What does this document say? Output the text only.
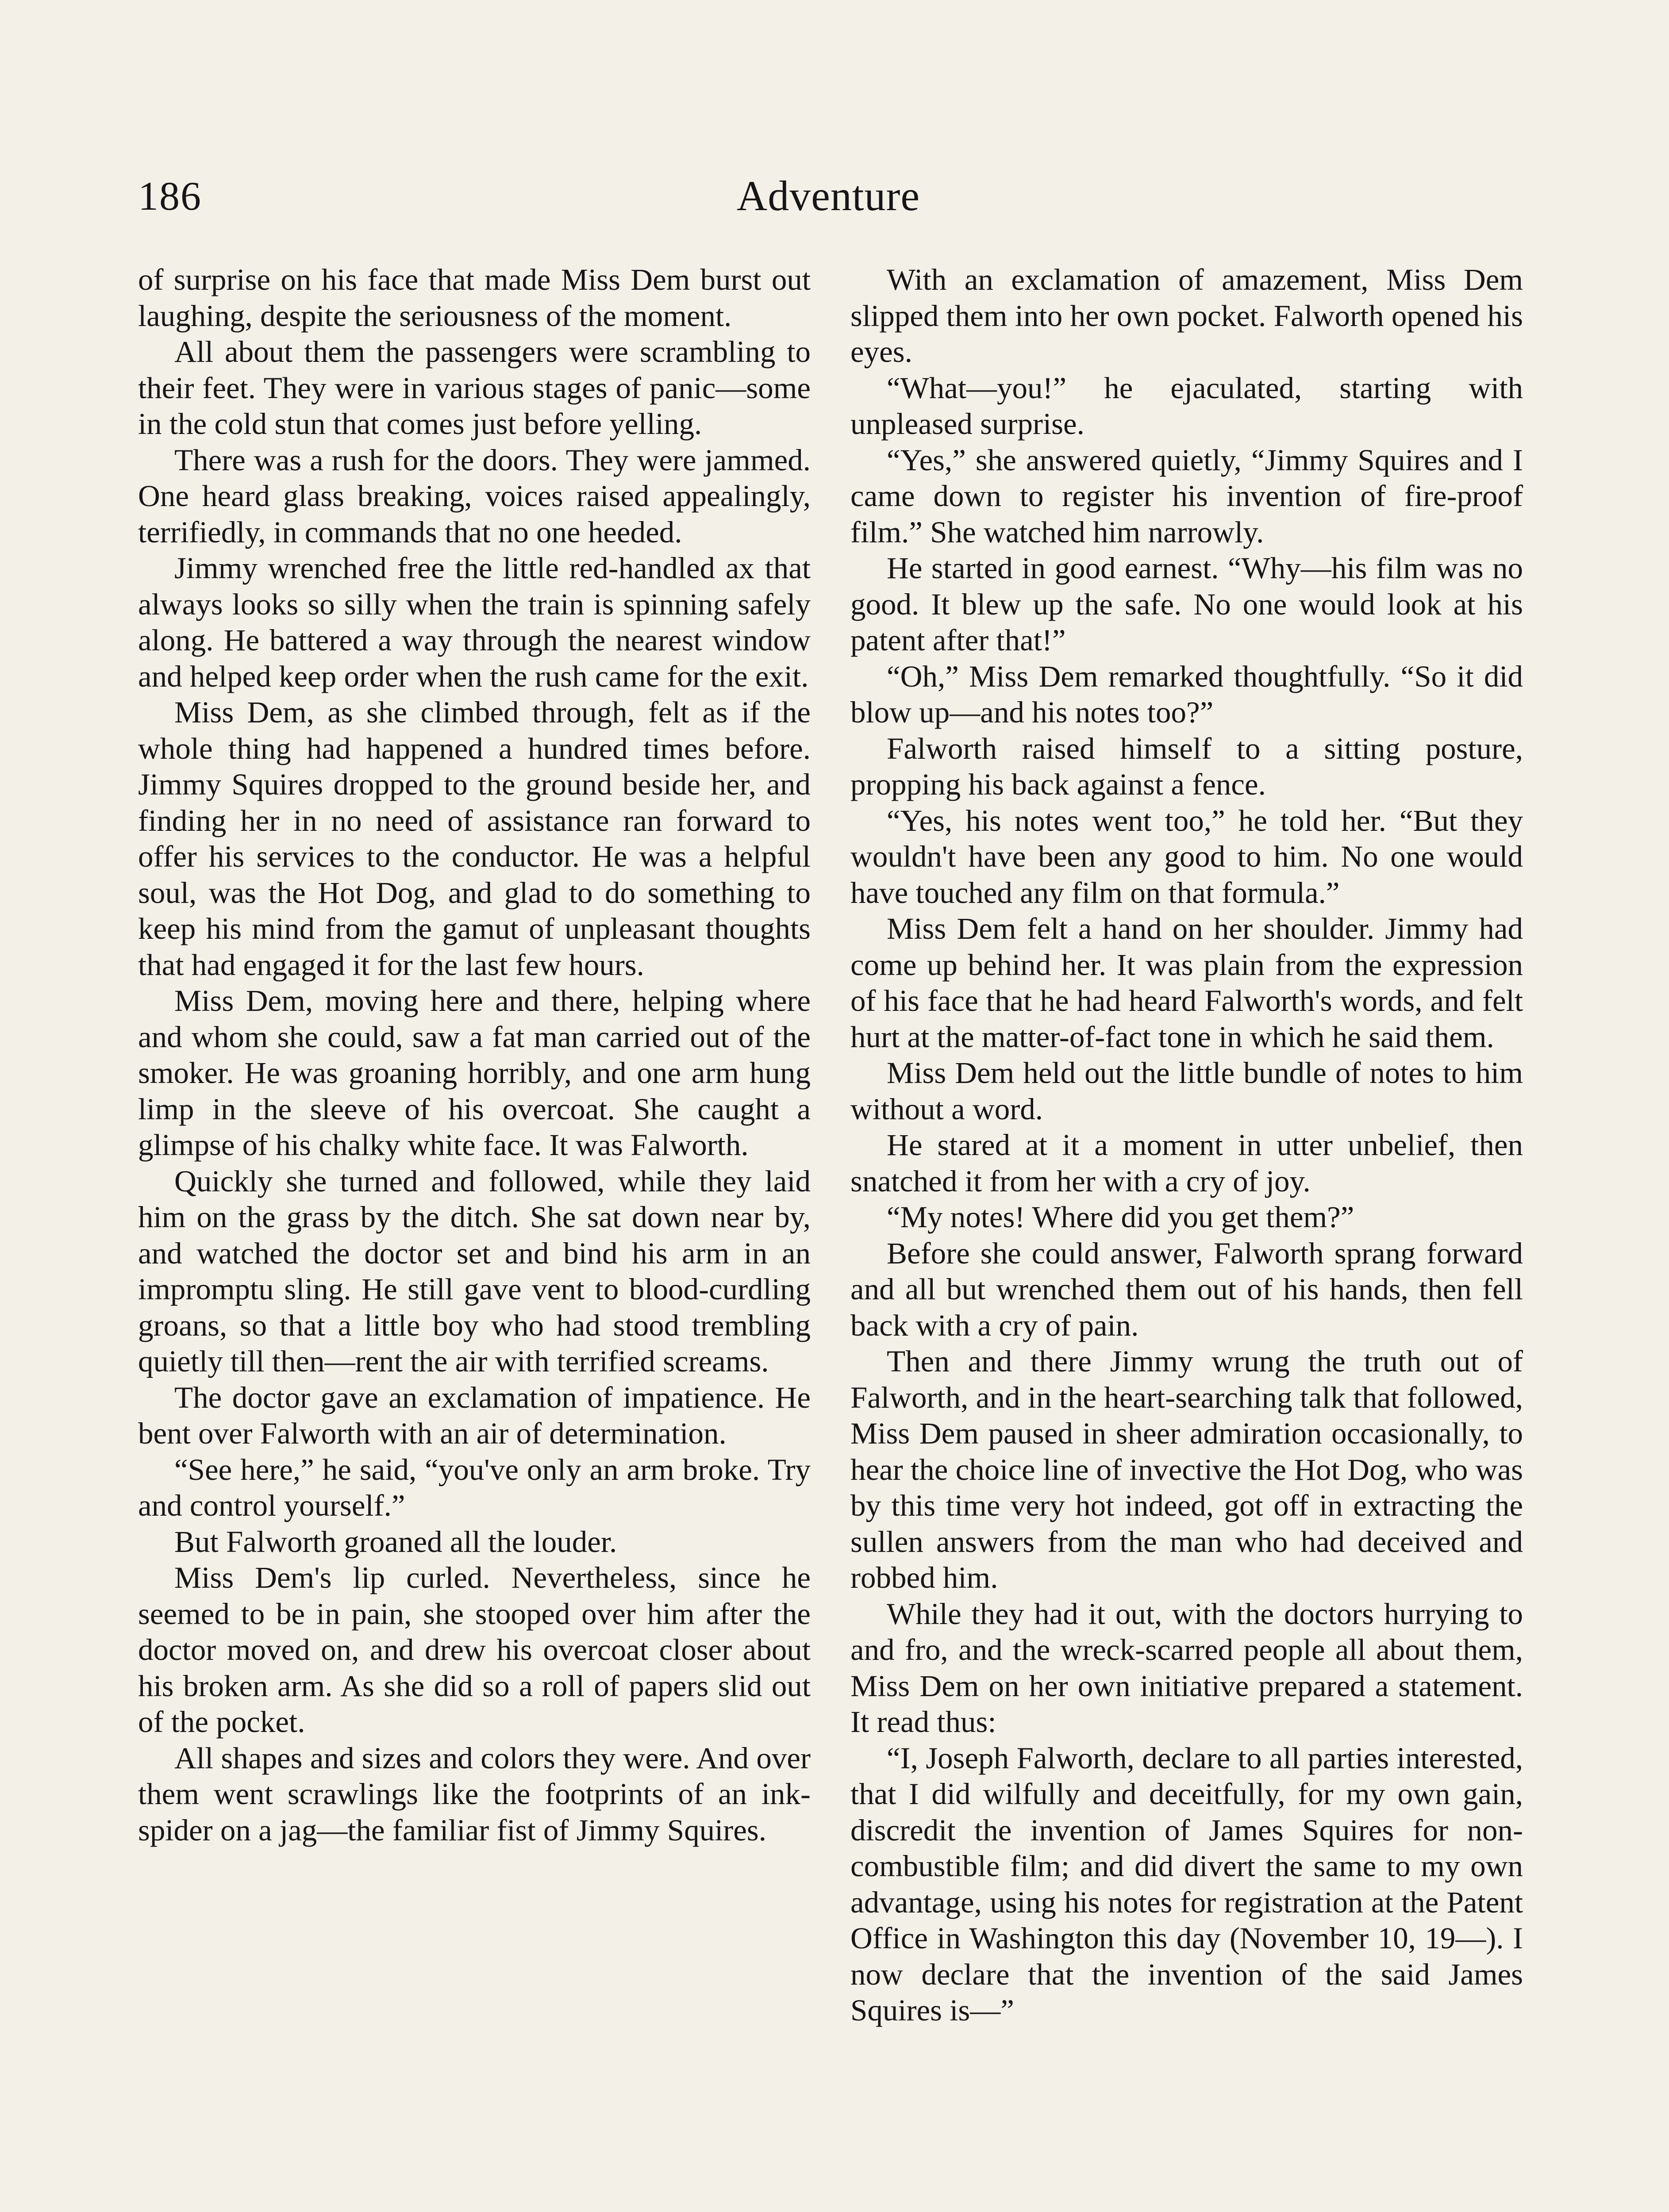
186	Adventure

of surprise on his face that made Miss Dem burst out laughing, despite the seriousness of the moment.

All about them the passengers were scrambling to their feet. They were in various stages of panic—some in the cold stun that comes just before yelling.

There was a rush for the doors. They were jammed. One heard glass breaking, voices raised appealingly, terrifiedly, in commands that no one heeded.

Jimmy wrenched free the little red-handled ax that always looks so silly when the train is spinning safely along. He battered a way through the nearest window and helped keep order when the rush came for the exit.

Miss Dem, as she climbed through, felt as if the whole thing had happened a hundred times before. Jimmy Squires dropped to the ground beside her, and finding her in no need of assistance ran forward to offer his services to the conductor. He was a helpful soul, was the Hot Dog, and glad to do something to keep his mind from the gamut of unpleasant thoughts that had engaged it for the last few hours.

Miss Dem, moving here and there, helping where and whom she could, saw a fat man carried out of the smoker. He was groaning horribly, and one arm hung limp in the sleeve of his overcoat. She caught a glimpse of his chalky white face. It was Falworth.

Quickly she turned and followed, while they laid him on the grass by the ditch. She sat down near by, and watched the doctor set and bind his arm in an impromptu sling. He still gave vent to blood-curdling groans, so that a little boy who had stood trembling quietly till then—rent the air with terrified screams.

The doctor gave an exclamation of impatience. He bent over Falworth with an air of determination.

“See here,” he said, “you've only an arm broke. Try and control yourself.”

But Falworth groaned all the louder.

Miss Dem's lip curled. Nevertheless, since he seemed to be in pain, she stooped over him after the doctor moved on, and drew his overcoat closer about his broken arm. As she did so a roll of papers slid out of the pocket.

All shapes and sizes and colors they were. And over them went scrawlings like the footprints of an ink-spider on a jag—the familiar fist of Jimmy Squires.

With an exclamation of amazement, Miss Dem slipped them into her own pocket. Falworth opened his eyes.

“What—you!” he ejaculated, starting with unpleased surprise.

“Yes,” she answered quietly, “Jimmy Squires and I came down to register his invention of fire-proof film.” She watched him narrowly.

He started in good earnest. “Why—his film was no good. It blew up the safe. No one would look at his patent after that!”

“Oh,” Miss Dem remarked thoughtfully. “So it did blow up—and his notes too?”

Falworth raised himself to a sitting posture, propping his back against a fence.

“Yes, his notes went too,” he told her. “But they wouldn't have been any good to him. No one would have touched any film on that formula.”

Miss Dem felt a hand on her shoulder. Jimmy had come up behind her. It was plain from the expression of his face that he had heard Falworth's words, and felt hurt at the matter-of-fact tone in which he said them.

Miss Dem held out the little bundle of notes to him without a word.

He stared at it a moment in utter unbelief, then snatched it from her with a cry of joy.

“My notes! Where did you get them?”

Before she could answer, Falworth sprang forward and all but wrenched them out of his hands, then fell back with a cry of pain.

Then and there Jimmy wrung the truth out of Falworth, and in the heart-searching talk that followed, Miss Dem paused in sheer admiration occasionally, to hear the choice line of invective the Hot Dog, who was by this time very hot indeed, got off in extracting the sullen answers from the man who had deceived and robbed him.

While they had it out, with the doctors hurrying to and fro, and the wreck-scarred people all about them, Miss Dem on her own initiative prepared a statement. It read thus:

“I, Joseph Falworth, declare to all parties interested, that I did wilfully and deceitfully, for my own gain, discredit the invention of James Squires for non-combustible film; and did divert the same to my own advantage, using his notes for registration at the Patent Office in Washington this day (November 10, 19—). I now declare that the invention of the said James Squires is—”
